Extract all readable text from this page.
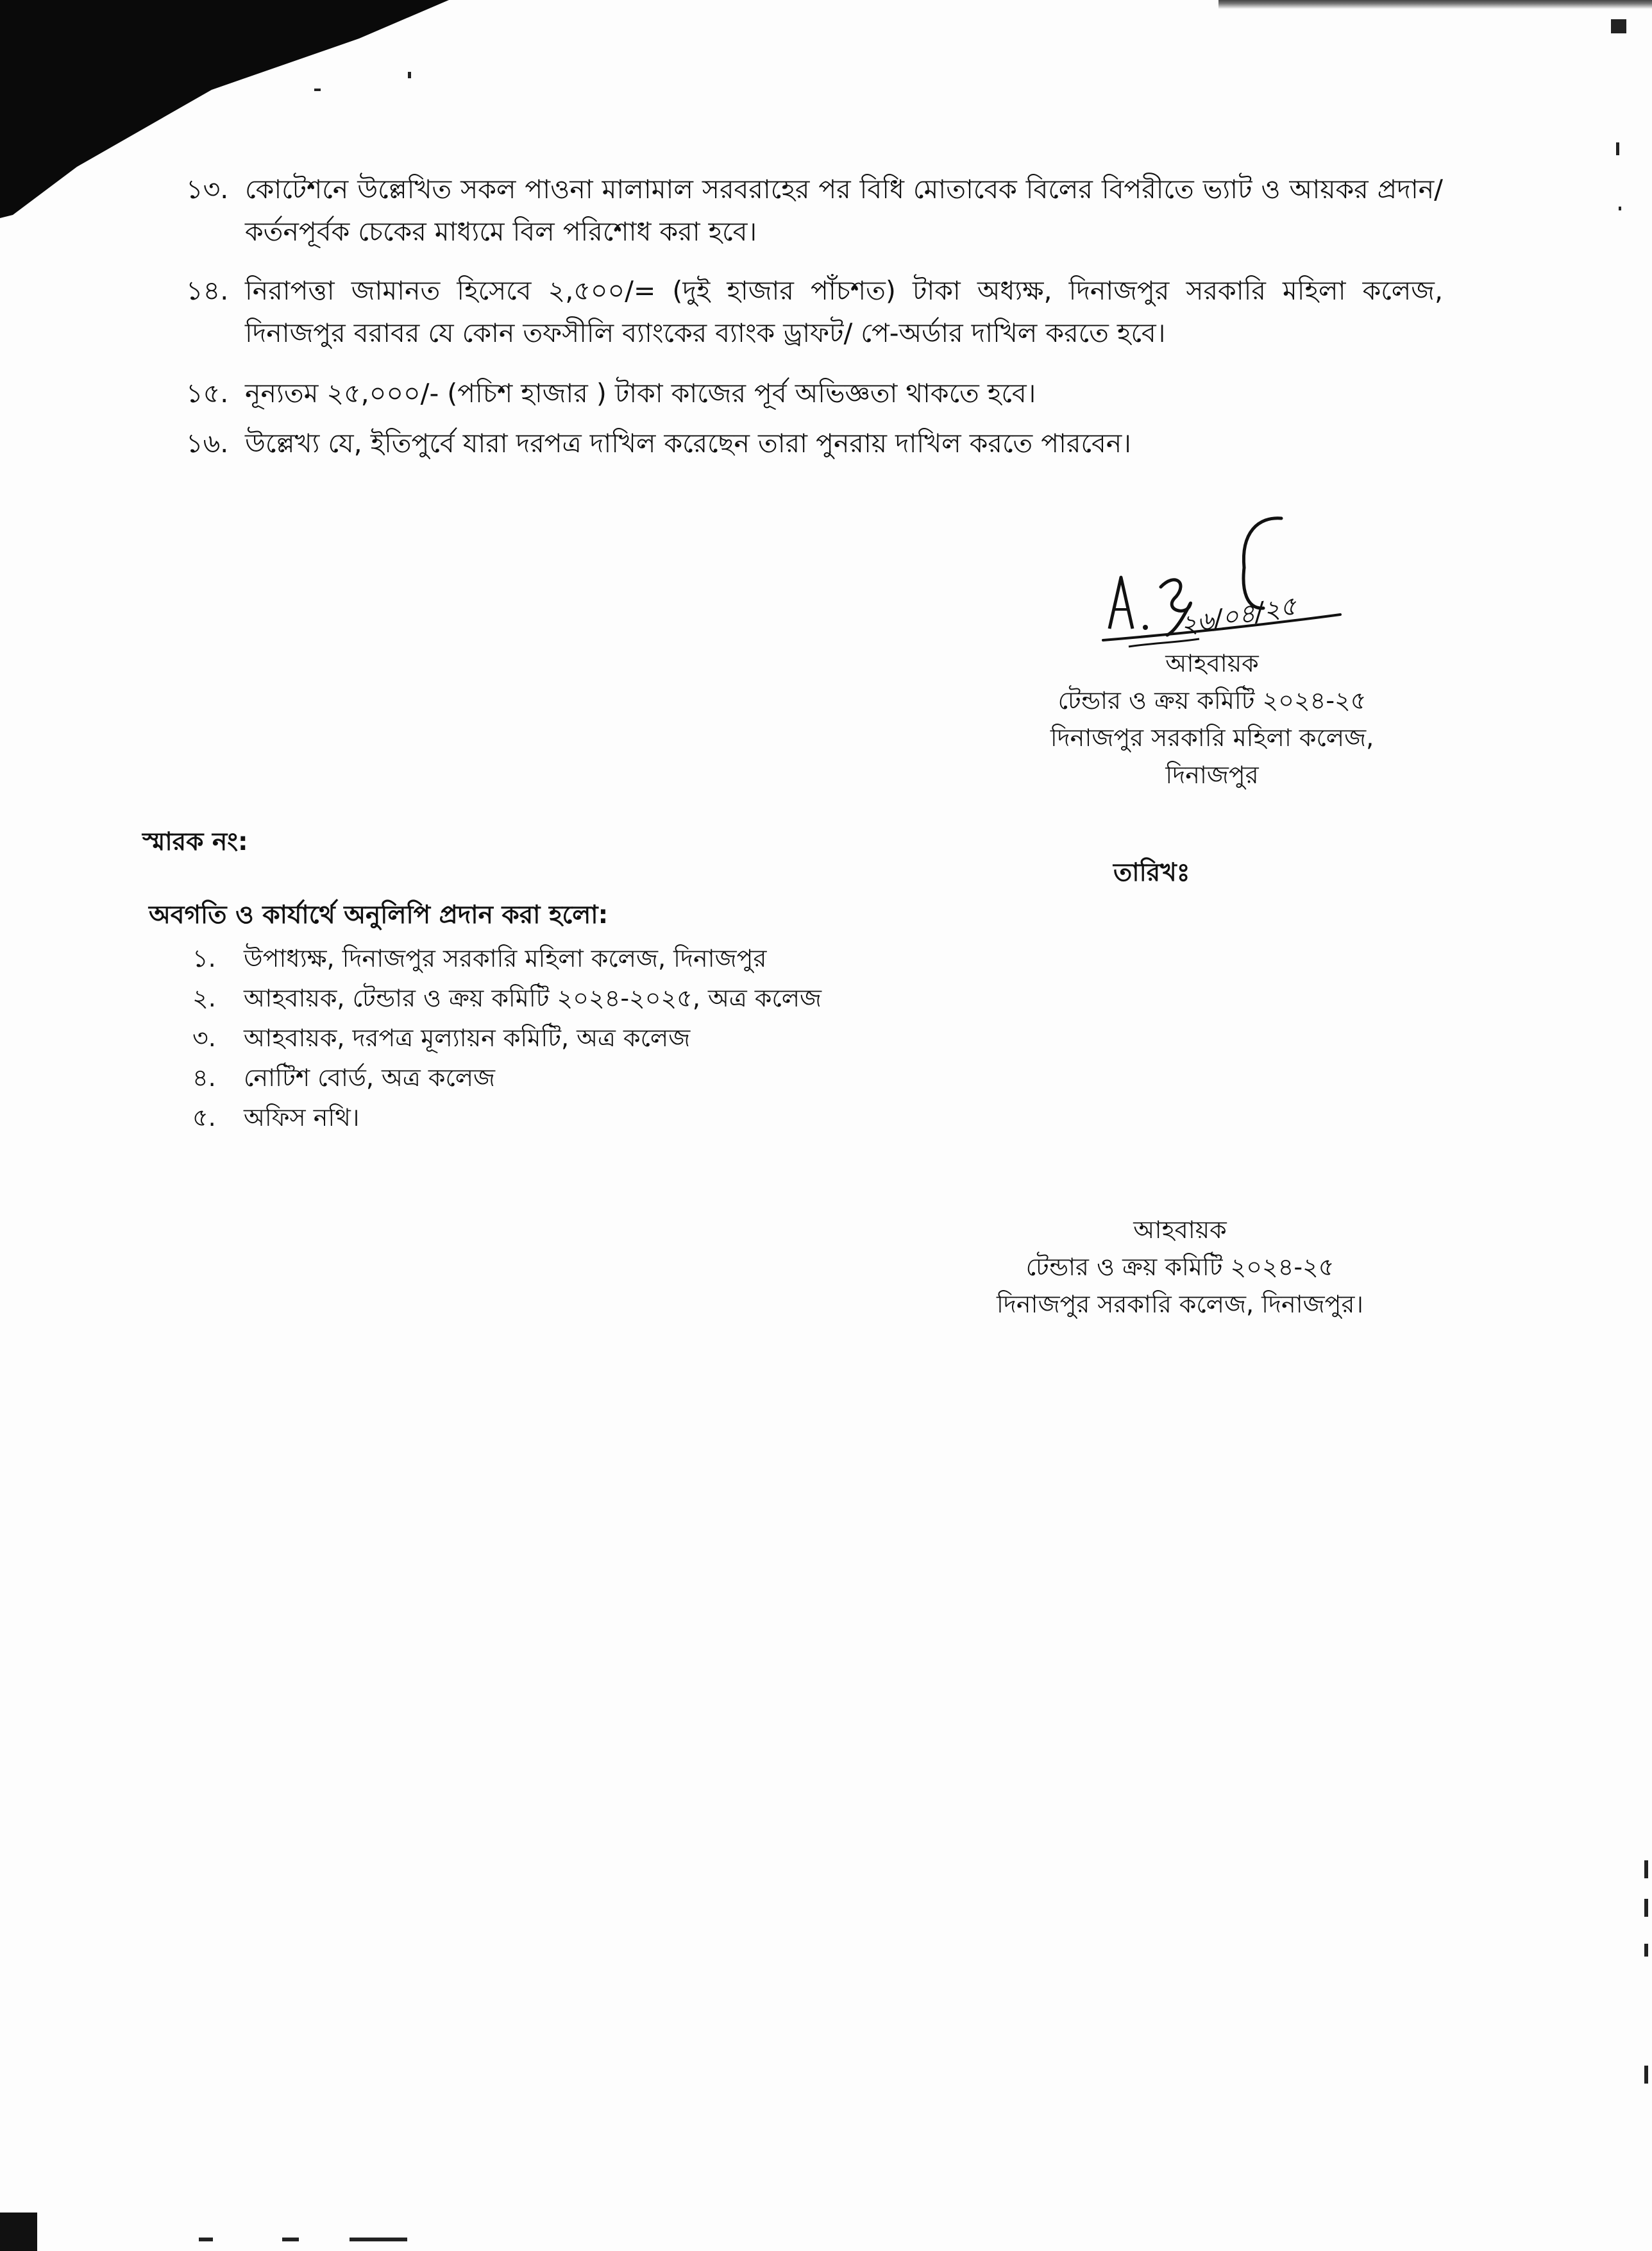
১৩. কোটেশনে উল্লেখিত সকল পাওনা মালামাল সরবরাহের পর বিধি মোতাবেক বিলের বিপরীতে ভ্যাট ও আয়কর প্রদান/ কর্তনপূর্বক চেকের মাধ্যমে বিল পরিশোধ করা হবে।
১৪. নিরাপত্তা জামানত হিসেবে ২,৫০০/= (দুই হাজার পাঁচশত) টাকা অধ্যক্ষ, দিনাজপুর সরকারি মহিলা কলেজ, দিনাজপুর বরাবর যে কোন তফসীলি ব্যাংকের ব্যাংক ড্রাফট/ পে-অর্ডার দাখিল করতে হবে।
১৫. নূন্যতম ২৫,০০০/- (পচিশ হাজার ) টাকা কাজের পূর্ব অভিজ্ঞতা থাকতে হবে।
১৬. উল্লেখ্য যে, ইতিপুর্বে যারা দরপত্র দাখিল করেছেন তারা পুনরায় দাখিল করতে পারবেন।
২৬/০৪/২৫
আহবায়ক
টেন্ডার ও ক্রয় কমিটি ২০২৪-২৫
দিনাজপুর সরকারি মহিলা কলেজ,
দিনাজপুর
স্মারক নং:
তারিখঃ
অবগতি ও কার্যার্থে অনুলিপি প্রদান করা হলো:
১.	উপাধ্যক্ষ, দিনাজপুর সরকারি মহিলা কলেজ, দিনাজপুর
২.	আহবায়ক, টেন্ডার ও ক্রয় কমিটি ২০২৪-২০২৫, অত্র কলেজ
৩.	আহবায়ক, দরপত্র মূল্যায়ন কমিটি, অত্র কলেজ
৪.	নোটিশ বোর্ড, অত্র কলেজ
৫.	অফিস নথি।
আহবায়ক
টেন্ডার ও ক্রয় কমিটি ২০২৪-২৫
দিনাজপুর সরকারি কলেজ, দিনাজপুর।
